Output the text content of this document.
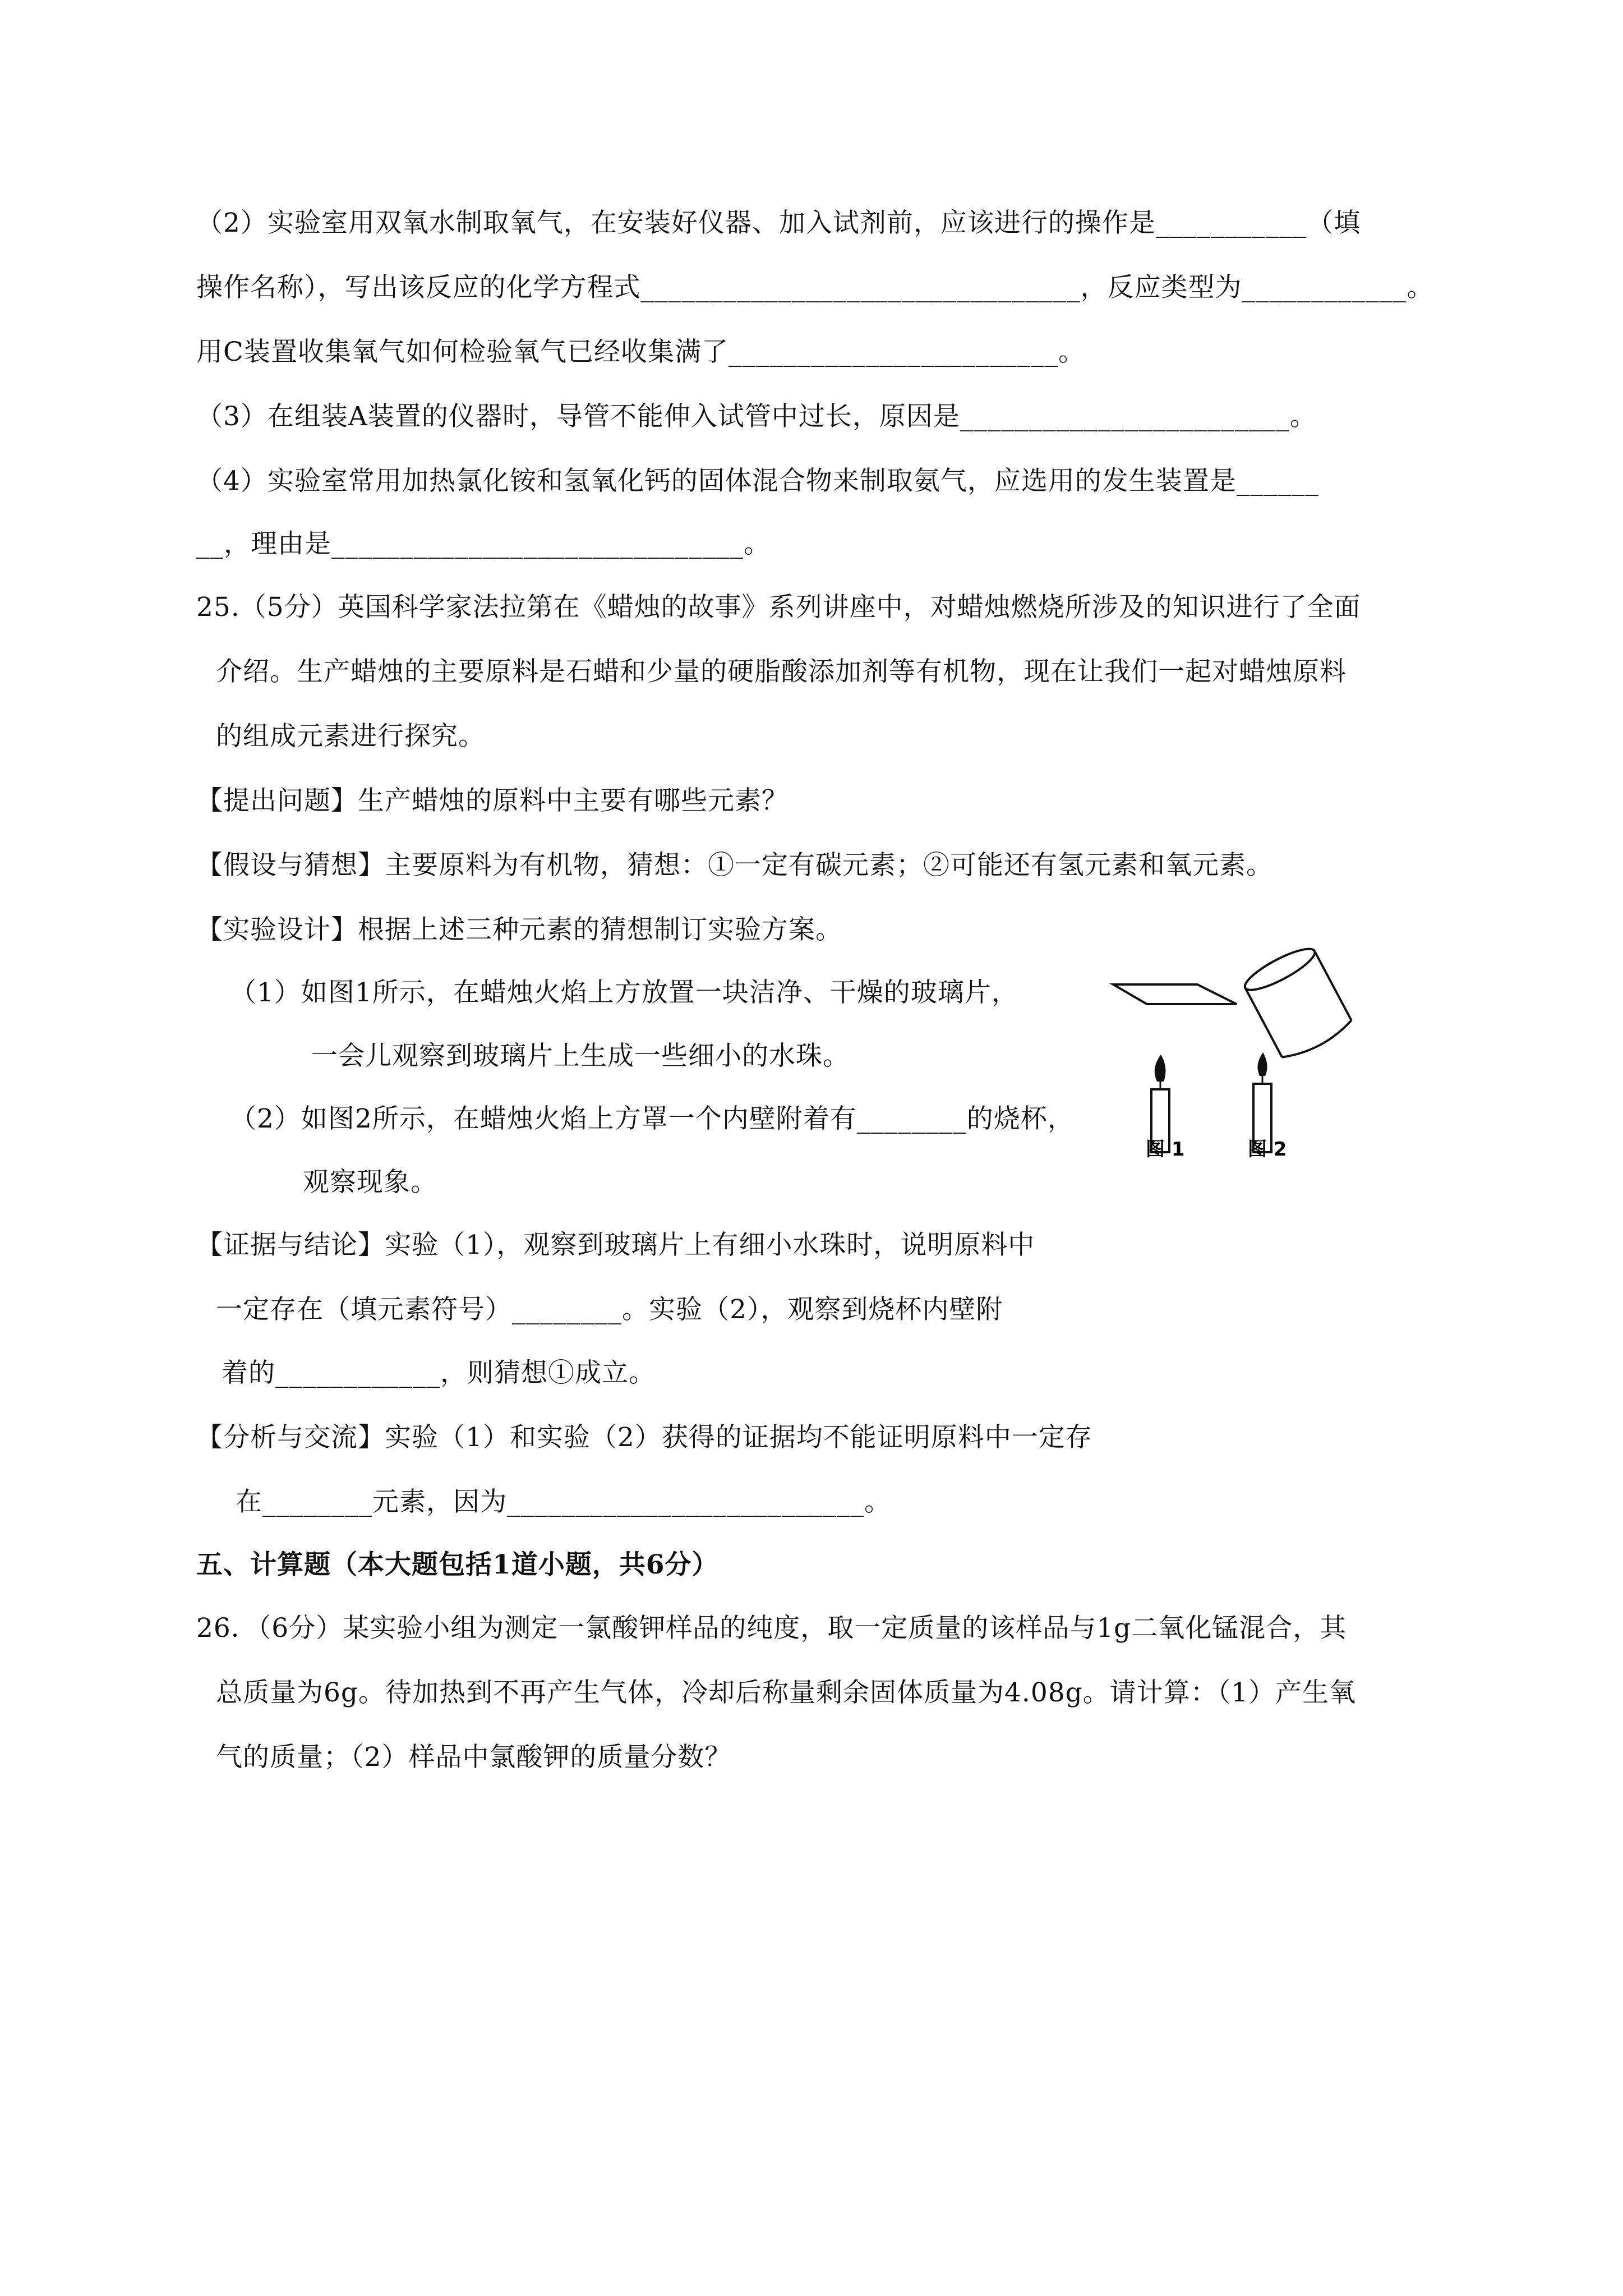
（2）实验室用双氧水制取氧气，在安装好仪器、加入试剂前，应该进行的操作是___________（填
操作名称），写出该反应的化学方程式________________________________，反应类型为____________。
用C装置收集氧气如何检验氧气已经收集满了________________________。
（3）在组装A装置的仪器时，导管不能伸入试管中过长，原因是________________________。
（4）实验室常用加热氯化铵和氢氧化钙的固体混合物来制取氨气，应选用的发生装置是______
__，理由是______________________________。
25.（5分）英国科学家法拉第在《蜡烛的故事》系列讲座中，对蜡烛燃烧所涉及的知识进行了全面
介绍。生产蜡烛的主要原料是石蜡和少量的硬脂酸添加剂等有机物，现在让我们一起对蜡烛原料
的组成元素进行探究。
【提出问题】生产蜡烛的原料中主要有哪些元素？
【假设与猜想】主要原料为有机物，猜想：①一定有碳元素；②可能还有氢元素和氧元素。
【实验设计】根据上述三种元素的猜想制订实验方案。
（1）如图1所示，在蜡烛火焰上方放置一块洁净、干燥的玻璃片，
一会儿观察到玻璃片上生成一些细小的水珠。
（2）如图2所示，在蜡烛火焰上方罩一个内壁附着有________的烧杯，
观察现象。
图 1	图 2
【证据与结论】实验（1），观察到玻璃片上有细小水珠时，说明原料中
一定存在（填元素符号）________。实验（2），观察到烧杯内壁附
着的____________，则猜想①成立。
【分析与交流】实验（1）和实验（2）获得的证据均不能证明原料中一定存
在________元素，因为__________________________。
五、计算题（本大题包括1道小题，共6分）
26．（6分）某实验小组为测定一氯酸钾样品的纯度，取一定质量的该样品与1g二氧化锰混合，其
总质量为6g。待加热到不再产生气体，冷却后称量剩余固体质量为4.08g。请计算：（1）产生氧
气的质量；（2）样品中氯酸钾的质量分数？
